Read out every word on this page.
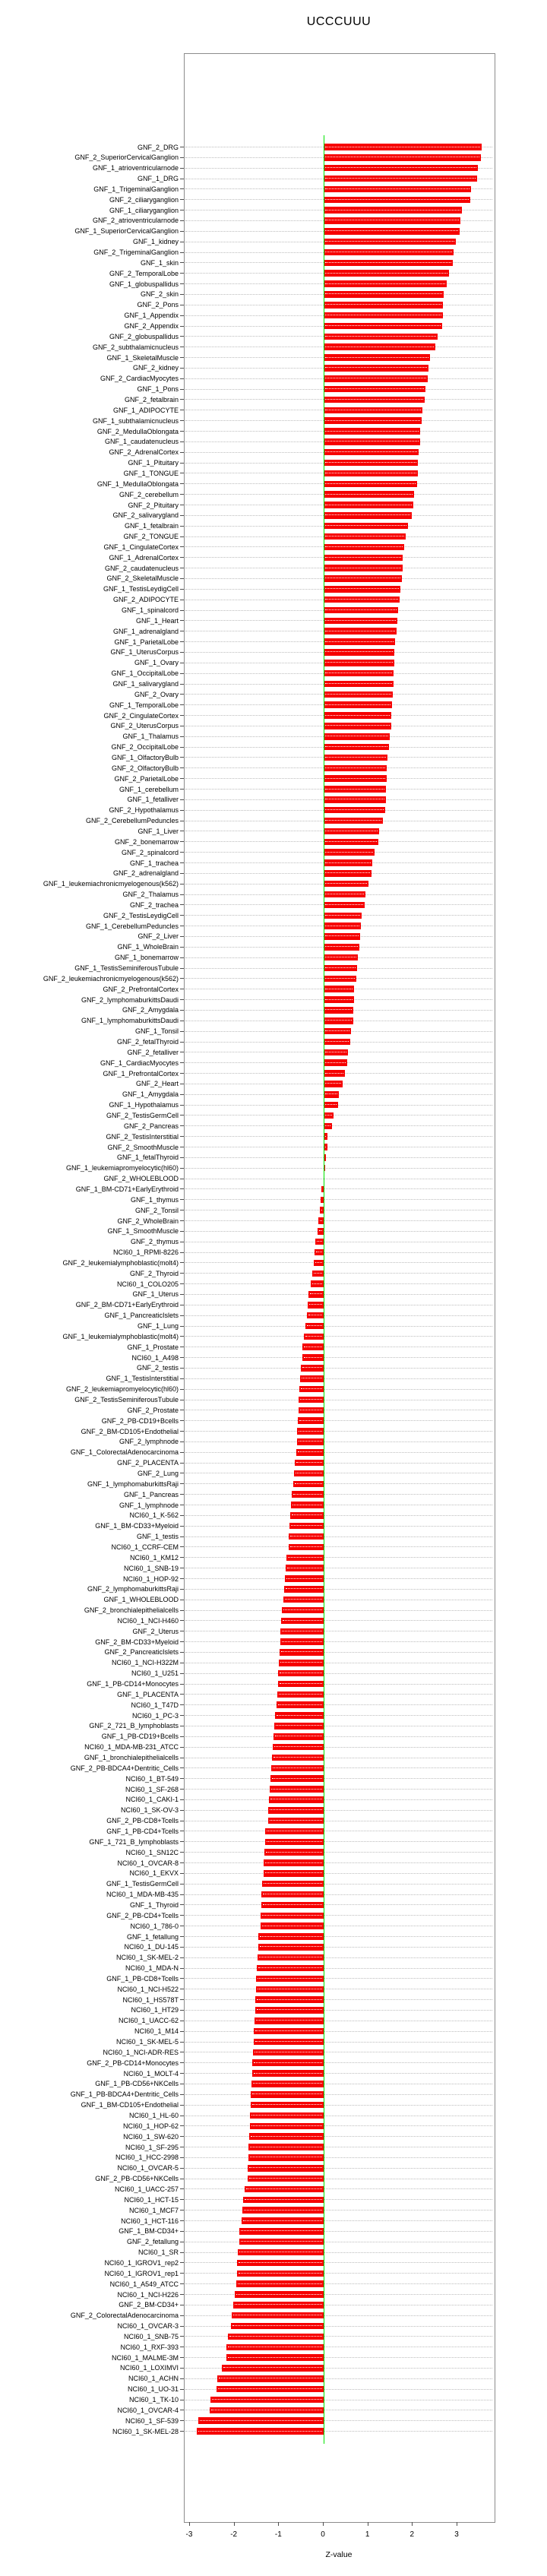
UCCCUUU
GNF_2_DRG
GNF_2_SuperiorCervicalGanglion
GNF_1_atrioventricularnode
GNF_1_DRG
GNF_1_TrigeminalGanglion
GNF_2_ciliaryganglion
GNF_1_ciliaryganglion
GNF_2_atrioventricularnode
GNF_1_SuperiorCervicalGanglion
GNF_1_kidney
GNF_2_TrigeminalGanglion
GNF_1_skin
GNF_2_TemporalLobe
GNF_1_globuspallidus
GNF_2_skin
GNF_2_Pons
GNF_1_Appendix
GNF_2_Appendix
GNF_2_globuspallidus
GNF_2_subthalamicnucleus
GNF_1_SkeletalMuscle
GNF_2_kidney
GNF_2_CardiacMyocytes
GNF_1_Pons
GNF_2_fetalbrain
GNF_1_ADIPOCYTE
GNF_1_subthalamicnucleus
GNF_2_MedullaOblongata
GNF_1_caudatenucleus
GNF_2_AdrenalCortex
GNF_1_Pituitary
GNF_1_TONGUE
GNF_1_MedullaOblongata
GNF_2_cerebellum
GNF_2_Pituitary
GNF_2_salivarygland
GNF_1_fetalbrain
GNF_2_TONGUE
GNF_1_CingulateCortex
GNF_1_AdrenalCortex
GNF_2_caudatenucleus
GNF_2_SkeletalMuscle
GNF_1_TestisLeydigCell
GNF_2_ADIPOCYTE
GNF_1_spinalcord
GNF_1_Heart
GNF_1_adrenalgland
GNF_1_ParietalLobe
GNF_1_UterusCorpus
GNF_1_Ovary
GNF_1_OccipitalLobe
GNF_1_salivarygland
GNF_2_Ovary
GNF_1_TemporalLobe
GNF_2_CingulateCortex
GNF_2_UterusCorpus
GNF_1_Thalamus
GNF_2_OccipitalLobe
GNF_1_OlfactoryBulb
GNF_2_OlfactoryBulb
GNF_2_ParietalLobe
GNF_1_cerebellum
GNF_1_fetalliver
GNF_2_Hypothalamus
GNF_2_CerebellumPeduncles
GNF_1_Liver
GNF_2_bonemarrow
GNF_2_spinalcord
GNF_1_trachea
GNF_2_adrenalgland
GNF_1_leukemiachronicmyelogenous(k562)
GNF_2_Thalamus
GNF_2_trachea
GNF_2_TestisLeydigCell
GNF_1_CerebellumPeduncles
GNF_2_Liver
GNF_1_WholeBrain
GNF_1_bonemarrow
GNF_1_TestisSeminiferousTubule
GNF_2_leukemiachronicmyelogenous(k562)
GNF_2_PrefrontalCortex
GNF_2_lymphomaburkittsDaudi
GNF_2_Amygdala
GNF_1_lymphomaburkittsDaudi
GNF_1_Tonsil
GNF_2_fetalThyroid
GNF_2_fetalliver
GNF_1_CardiacMyocytes
GNF_1_PrefrontalCortex
GNF_2_Heart
GNF_1_Amygdala
GNF_1_Hypothalamus
GNF_2_TestisGermCell
GNF_2_Pancreas
GNF_2_TestisInterstitial
GNF_2_SmoothMuscle
GNF_1_fetalThyroid
GNF_1_leukemiapromyelocytic(hl60)
GNF_2_WHOLEBLOOD
GNF_1_BM-CD71+EarlyErythroid
GNF_1_thymus
GNF_2_Tonsil
GNF_2_WholeBrain
GNF_1_SmoothMuscle
GNF_2_thymus
NCI60_1_RPMI-8226
GNF_2_leukemialymphoblastic(molt4)
GNF_2_Thyroid
NCI60_1_COLO205
GNF_1_Uterus
GNF_2_BM-CD71+EarlyErythroid
GNF_1_PancreaticIslets
GNF_1_Lung
GNF_1_leukemialymphoblastic(molt4)
GNF_1_Prostate
NCI60_1_A498
GNF_2_testis
GNF_1_TestisInterstitial
GNF_2_leukemiapromyelocytic(hl60)
GNF_2_TestisSeminiferousTubule
GNF_2_Prostate
GNF_2_PB-CD19+Bcells
GNF_2_BM-CD105+Endothelial
GNF_2_lymphnode
GNF_1_ColorectalAdenocarcinoma
GNF_2_PLACENTA
GNF_2_Lung
GNF_1_lymphomaburkittsRaji
GNF_1_Pancreas
GNF_1_lymphnode
NCI60_1_K-562
GNF_1_BM-CD33+Myeloid
GNF_1_testis
NCI60_1_CCRF-CEM
NCI60_1_KM12
NCI60_1_SNB-19
NCI60_1_HOP-92
GNF_2_lymphomaburkittsRaji
GNF_1_WHOLEBLOOD
GNF_2_bronchialepithelialcells
NCI60_1_NCI-H460
GNF_2_Uterus
GNF_2_BM-CD33+Myeloid
GNF_2_PancreaticIslets
NCI60_1_NCI-H322M
NCI60_1_U251
GNF_1_PB-CD14+Monocytes
GNF_1_PLACENTA
NCI60_1_T47D
NCI60_1_PC-3
GNF_2_721_B_lymphoblasts
GNF_1_PB-CD19+Bcells
NCI60_1_MDA-MB-231_ATCC
GNF_1_bronchialepithelialcells
GNF_2_PB-BDCA4+Dentritic_Cells
NCI60_1_BT-549
NCI60_1_SF-268
NCI60_1_CAKI-1
NCI60_1_SK-OV-3
GNF_2_PB-CD8+Tcells
GNF_1_PB-CD4+Tcells
GNF_1_721_B_lymphoblasts
NCI60_1_SN12C
NCI60_1_OVCAR-8
NCI60_1_EKVX
GNF_1_TestisGermCell
NCI60_1_MDA-MB-435
GNF_1_Thyroid
GNF_2_PB-CD4+Tcells
NCI60_1_786-0
GNF_1_fetallung
NCI60_1_DU-145
NCI60_1_SK-MEL-2
NCI60_1_MDA-N
GNF_1_PB-CD8+Tcells
NCI60_1_NCI-H522
NCI60_1_HS578T
NCI60_1_HT29
NCI60_1_UACC-62
NCI60_1_M14
NCI60_1_SK-MEL-5
NCI60_1_NCI-ADR-RES
GNF_2_PB-CD14+Monocytes
NCI60_1_MOLT-4
GNF_1_PB-CD56+NKCells
GNF_1_PB-BDCA4+Dentritic_Cells
GNF_1_BM-CD105+Endothelial
NCI60_1_HL-60
NCI60_1_HOP-62
NCI60_1_SW-620
NCI60_1_SF-295
NCI60_1_HCC-2998
NCI60_1_OVCAR-5
GNF_2_PB-CD56+NKCells
NCI60_1_UACC-257
NCI60_1_HCT-15
NCI60_1_MCF7
NCI60_1_HCT-116
GNF_1_BM-CD34+
GNF_2_fetallung
NCI60_1_SR
NCI60_1_IGROV1_rep2
NCI60_1_IGROV1_rep1
NCI60_1_A549_ATCC
NCI60_1_NCI-H226
GNF_2_BM-CD34+
GNF_2_ColorectalAdenocarcinoma
NCI60_1_OVCAR-3
NCI60_1_SNB-75
NCI60_1_RXF-393
NCI60_1_MALME-3M
NCI60_1_LOXIMVI
NCI60_1_ACHN
NCI60_1_UO-31
NCI60_1_TK-10
NCI60_1_OVCAR-4
NCI60_1_SF-539
NCI60_1_SK-MEL-28
-3	-2	-1	0	1	2	3
Z-value
